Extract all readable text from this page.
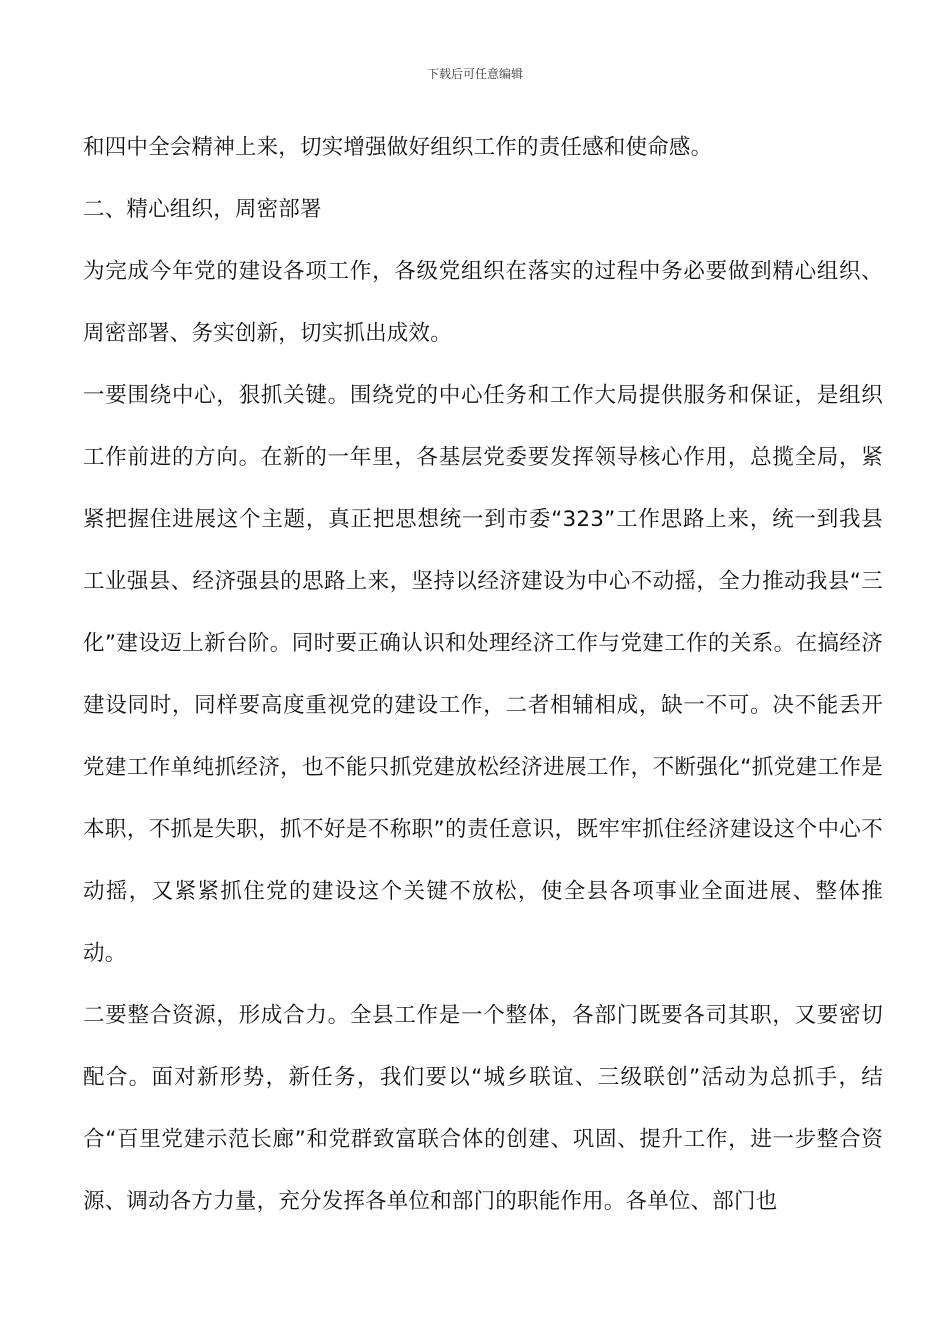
下载后可任意编辑

和四中全会精神上来，切实增强做好组织工作的责任感和使命感。

二、精心组织，周密部署

为完成今年党的建设各项工作，各级党组织在落实的过程中务必要做到精心组织、周密部署、务实创新，切实抓出成效。

一要围绕中心，狠抓关键。围绕党的中心任务和工作大局提供服务和保证，是组织工作前进的方向。在新的一年里，各基层党委要发挥领导核心作用，总揽全局，紧紧把握住进展这个主题，真正把思想统一到市委“323”工作思路上来，统一到我县工业强县、经济强县的思路上来，坚持以经济建设为中心不动摇，全力推动我县“三化”建设迈上新台阶。同时要正确认识和处理经济工作与党建工作的关系。在搞经济建设同时，同样要高度重视党的建设工作，二者相辅相成，缺一不可。决不能丢开党建工作单纯抓经济，也不能只抓党建放松经济进展工作，不断强化“抓党建工作是本职，不抓是失职，抓不好是不称职”的责任意识，既牢牢抓住经济建设这个中心不动摇，又紧紧抓住党的建设这个关键不放松，使全县各项事业全面进展、整体推动。

二要整合资源，形成合力。全县工作是一个整体，各部门既要各司其职，又要密切配合。面对新形势，新任务，我们要以“城乡联谊、三级联创”活动为总抓手，结合“百里党建示范长廊”和党群致富联合体的创建、巩固、提升工作，进一步整合资源、调动各方力量，充分发挥各单位和部门的职能作用。各单位、部门也
